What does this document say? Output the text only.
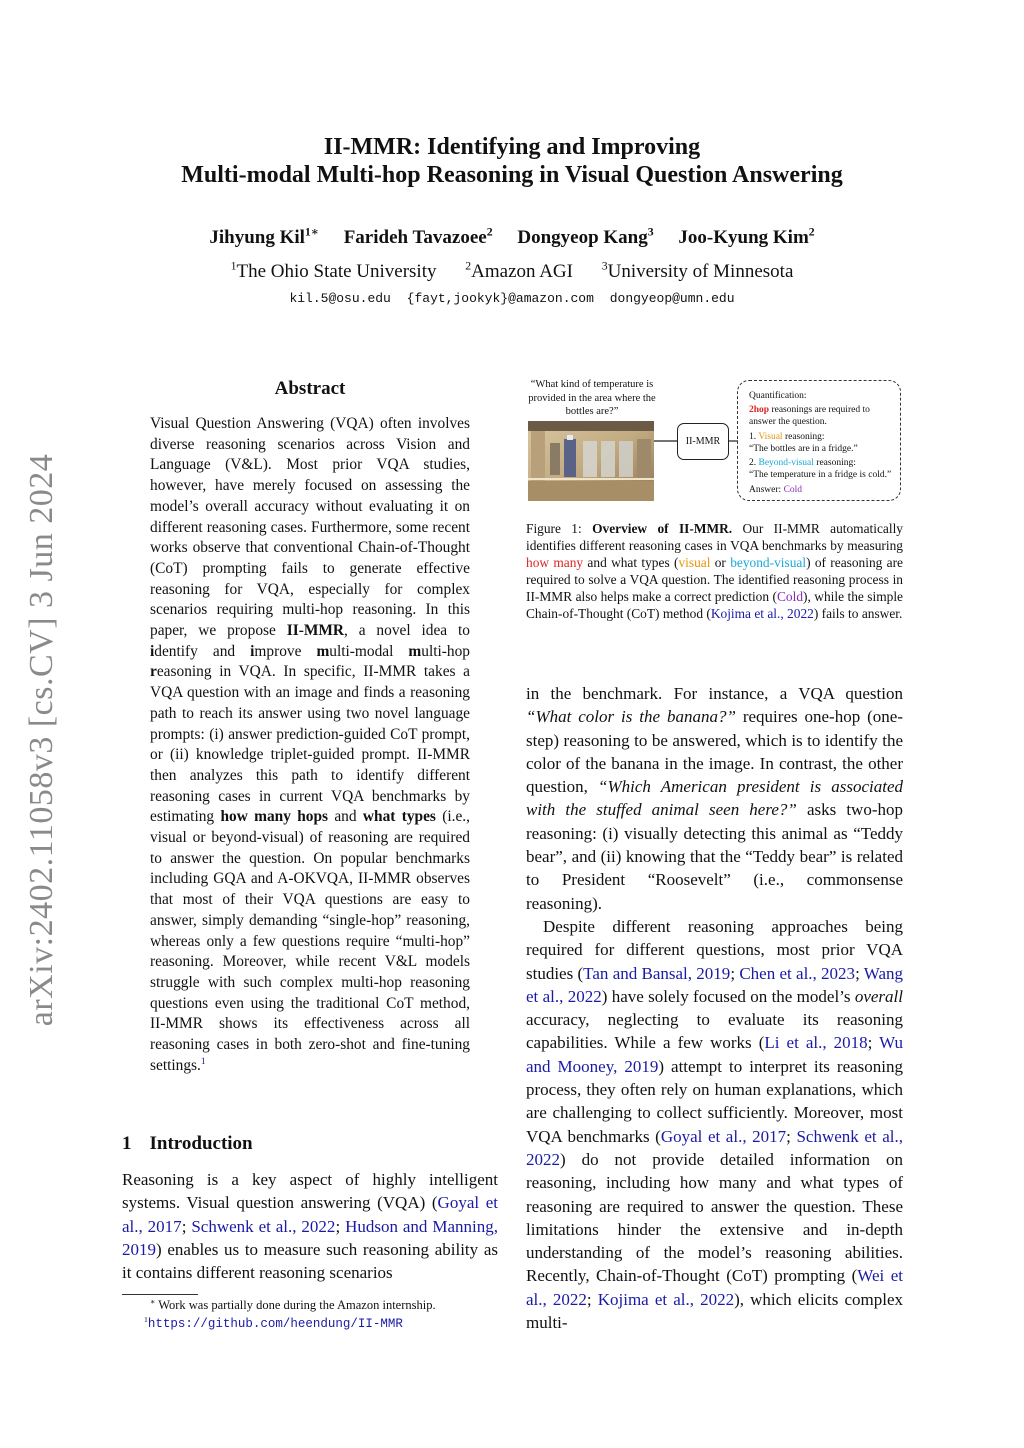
arXiv:2402.11058v3 [cs.CV] 3 Jun 2024
II-MMR: Identifying and Improving
Multi-modal Multi-hop Reasoning in Visual Question Answering
Jihyung Kil$^{1∗}$ Farideh Tavazoee$^2$ Dongyeop Kang$^3$ Joo-Kyung Kim$^2$
$^1$The Ohio State University $^2$Amazon AGI $^3$University of Minnesota
kil.5@osu.edu {fayt,jookyk}@amazon.com dongyeop@umn.edu
Abstract
Visual Question Answering (VQA) often involves diverse reasoning scenarios across Vision and Language (V&L). Most prior VQA studies, however, have merely focused on assessing the model’s overall accuracy without evaluating it on different reasoning cases. Furthermore, some recent works observe that conventional Chain-of-Thought (CoT) prompting fails to generate effective reasoning for VQA, especially for complex scenarios requiring multi-hop reasoning. In this paper, we propose II-MMR, a novel idea to identify and improve multi-modal multi-hop reasoning in VQA. In specific, II-MMR takes a VQA question with an image and finds a reasoning path to reach its answer using two novel language prompts: (i) answer prediction-guided CoT prompt, or (ii) knowledge triplet-guided prompt. II-MMR then analyzes this path to identify different reasoning cases in current VQA benchmarks by estimating how many hops and what types (i.e., visual or beyond-visual) of reasoning are required to answer the question. On popular benchmarks including GQA and A-OKVQA, II-MMR observes that most of their VQA questions are easy to answer, simply demanding “single-hop” reasoning, whereas only a few questions require “multi-hop” reasoning. Moreover, while recent V&L models struggle with such complex multi-hop reasoning questions even using the traditional CoT method, II-MMR shows its effectiveness across all reasoning cases in both zero-shot and fine-tuning settings.$^1$
1 Introduction
Reasoning is a key aspect of highly intelligent systems. Visual question answering (VQA) (Goyal et al., 2017; Schwenk et al., 2022; Hudson and Manning, 2019) enables us to measure such reasoning ability as it contains different reasoning scenarios
∗ Work was partially done during the Amazon internship.
$^1$https://github.com/heendung/II-MMR
“What kind of temperature is provided in the area where the bottles are?”
II-MMR
Quantification:
2hop reasonings are required to answer the question.
1. Visual reasoning:
“The bottles are in a fridge.”
2. Beyond-visual reasoning:
“The temperature in a fridge is cold.”
Answer: Cold
Figure 1: Overview of II-MMR. Our II-MMR automatically identifies different reasoning cases in VQA benchmarks by measuring how many and what types (visual or beyond-visual) of reasoning are required to solve a VQA question. The identified reasoning process in II-MMR also helps make a correct prediction (Cold), while the simple Chain-of-Thought (CoT) method (Kojima et al., 2022) fails to answer.
in the benchmark. For instance, a VQA question “What color is the banana?” requires one-hop (one-step) reasoning to be answered, which is to identify the color of the banana in the image. In contrast, the other question, “Which American president is associated with the stuffed animal seen here?” asks two-hop reasoning: (i) visually detecting this animal as “Teddy bear”, and (ii) knowing that the “Teddy bear” is related to President “Roosevelt” (i.e., commonsense reasoning).
Despite different reasoning approaches being required for different questions, most prior VQA studies (Tan and Bansal, 2019; Chen et al., 2023; Wang et al., 2022) have solely focused on the model’s overall accuracy, neglecting to evaluate its reasoning capabilities. While a few works (Li et al., 2018; Wu and Mooney, 2019) attempt to interpret its reasoning process, they often rely on human explanations, which are challenging to collect sufficiently. Moreover, most VQA benchmarks (Goyal et al., 2017; Schwenk et al., 2022) do not provide detailed information on reasoning, including how many and what types of reasoning are required to answer the question. These limitations hinder the extensive and in-depth understanding of the model’s reasoning abilities. Recently, Chain-of-Thought (CoT) prompting (Wei et al., 2022; Kojima et al., 2022), which elicits complex multi-
